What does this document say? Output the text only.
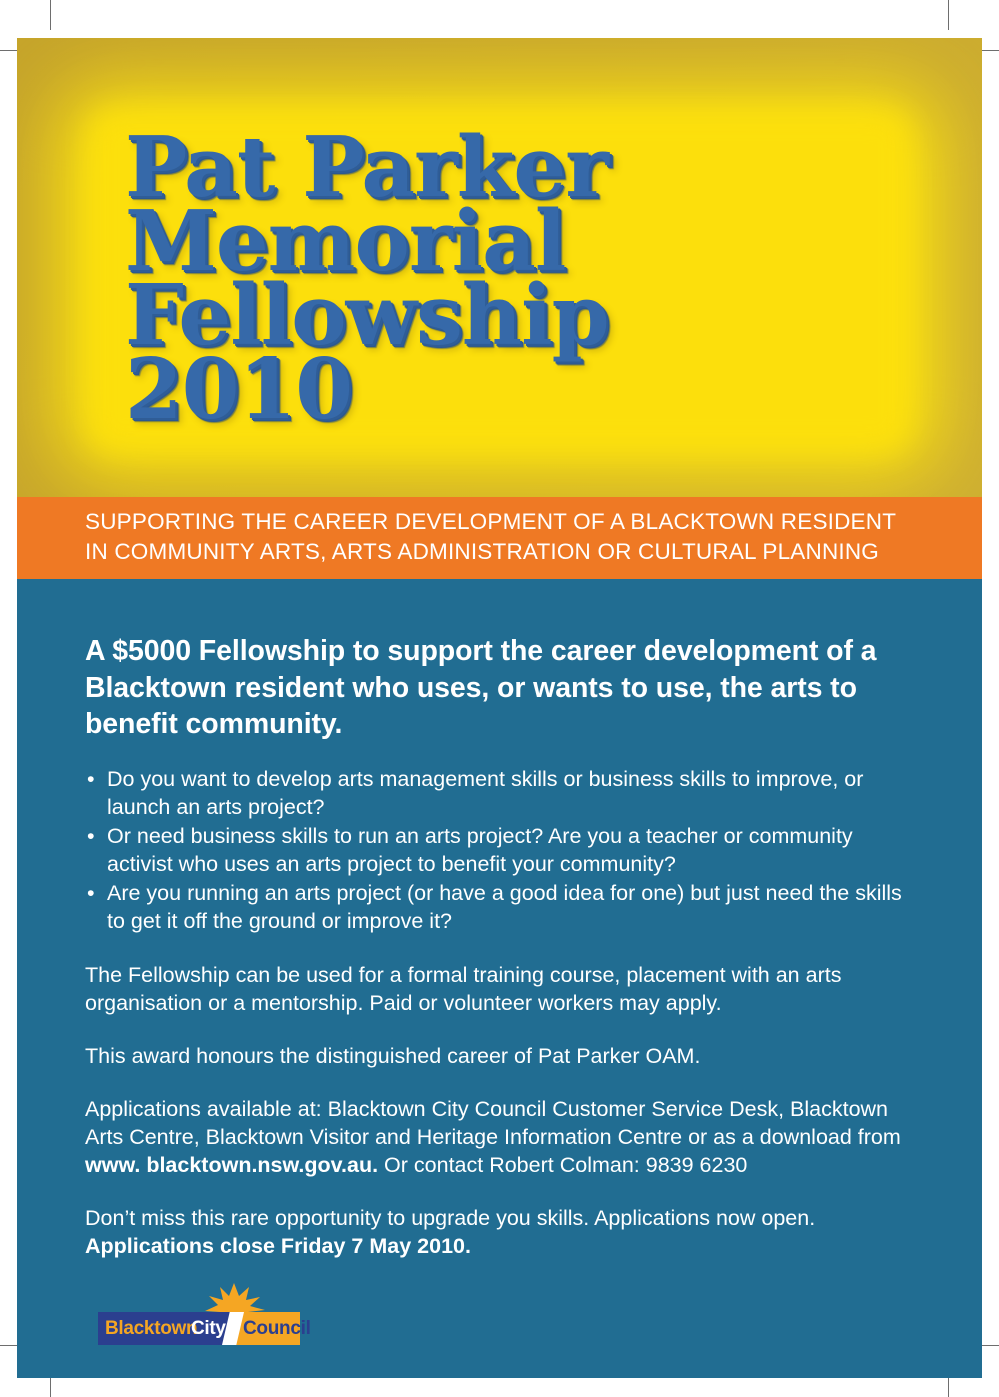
Pat Parker
Memorial
Fellowship
2010
SUPPORTING THE CAREER DEVELOPMENT OF A BLACKTOWN RESIDENT
IN COMMUNITY ARTS, ARTS ADMINISTRATION OR CULTURAL PLANNING

A $5000 Fellowship to support the career development of a Blacktown resident who uses, or wants to use, the arts to benefit community.

• Do you want to develop arts management skills or business skills to improve, or launch an arts project?
• Or need business skills to run an arts project? Are you a teacher or community activist who uses an arts project to benefit your community?
• Are you running an arts project (or have a good idea for one) but just need the skills to get it off the ground or improve it?

The Fellowship can be used for a formal training course, placement with an arts organisation or a mentorship. Paid or volunteer workers may apply.

This award honours the distinguished career of Pat Parker OAM.

Applications available at: Blacktown City Council Customer Service Desk, Blacktown Arts Centre, Blacktown Visitor and Heritage Information Centre or as a download from www. blacktown.nsw.gov.au. Or contact Robert Colman: 9839 6230

Don’t miss this rare opportunity to upgrade you skills. Applications now open. Applications close Friday 7 May 2010.

Blacktown
City Council
